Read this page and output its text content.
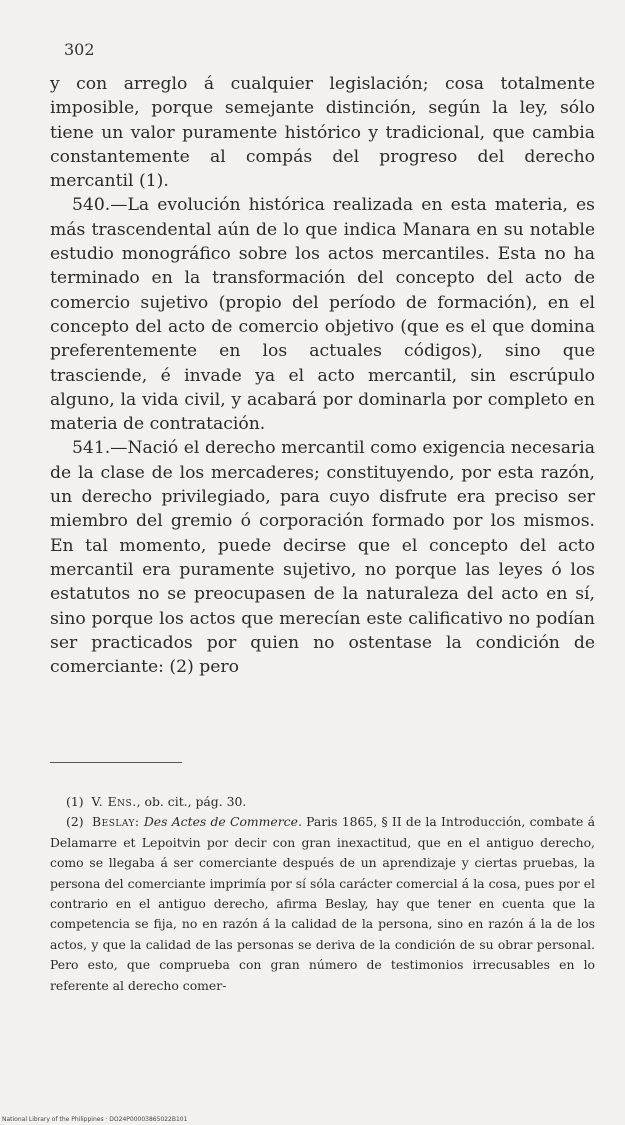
302

y con arreglo á cualquier legislación; cosa totalmente imposible, porque semejante distinción, según la ley, sólo tiene un valor puramente histórico y tradicional, que cambia constantemente al compás del progreso del derecho mercantil (1).

540.—La evolución histórica realizada en esta materia, es más trascendental aún de lo que indica Manara en su notable estudio monográfico sobre los actos mercantiles. Esta no ha terminado en la transformación del concepto del acto de comercio sujetivo (propio del período de formación), en el concepto del acto de comercio objetivo (que es el que domina preferentemente en los actuales códigos), sino que trasciende, é invade ya el acto mercantil, sin escrúpulo alguno, la vida civil, y acabará por dominarla por completo en materia de contratación.

541.—Nació el derecho mercantil como exigencia necesaria de la clase de los mercaderes; constituyendo, por esta razón, un derecho privilegiado, para cuyo disfrute era preciso ser miembro del gremio ó corporación formado por los mismos. En tal momento, puede decirse que el concepto del acto mercantil era puramente sujetivo, no porque las leyes ó los estatutos no se preocupasen de la naturaleza del acto en sí, sino porque los actos que merecían este calificativo no podían ser practicados por quien no ostentase la condición de comerciante: (2) pero

(1) V. Ens., ob. cit., pág. 30.

(2) Beslay: Des Actes de Commerce. Paris 1865, § II de la Introducción, combate á Delamarre et Lepoitvin por decir con gran inexactitud, que en el antiguo derecho, como se llegaba á ser comerciante después de un aprendizaje y ciertas pruebas, la persona del comerciante imprimía por sí sóla carácter comercial á la cosa, pues por el contrario en el antiguo derecho, afirma Beslay, hay que tener en cuenta que la competencia se fija, no en razón á la calidad de la persona, sino en razón á la de los actos, y que la calidad de las personas se deriva de la condición de su obrar personal. Pero esto, que comprueba con gran número de testimonios irrecusables en lo referente al derecho comer-

National Library of the Philippines · DO24P00003865022B101
